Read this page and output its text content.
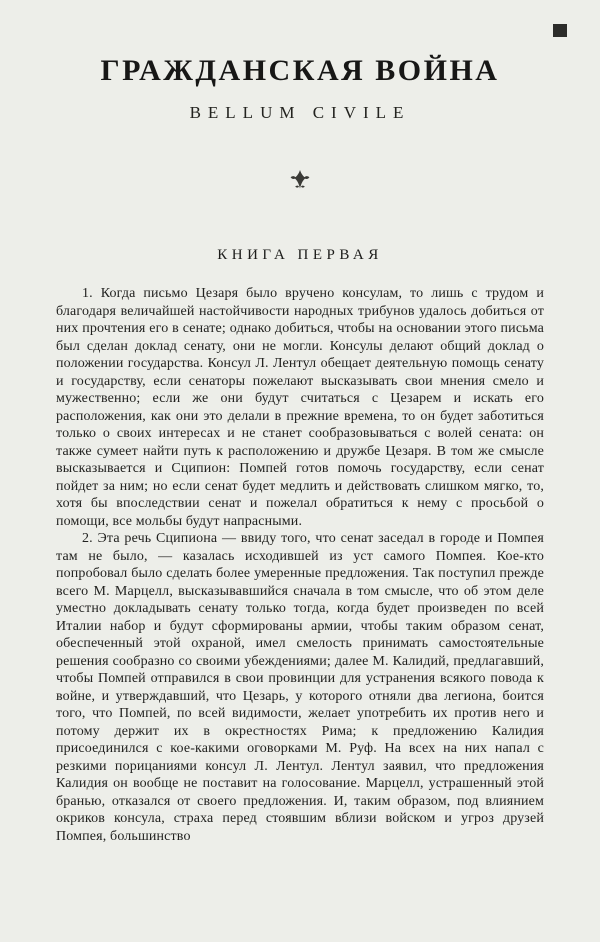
ГРАЖДАНСКАЯ ВОЙНА
BELLUM CIVILE
КНИГА ПЕРВАЯ

1. Когда письмо Цезаря было вручено консулам, то лишь с трудом и благодаря величайшей настойчивости народных трибунов удалось добиться от них прочтения его в сенате; однако добиться, чтобы на основании этого письма был сделан доклад сенату, они не могли. Консулы делают общий доклад о положении государства. Консул Л. Лентул обещает деятельную помощь сенату и государству, если сенаторы пожелают высказывать свои мнения смело и мужественно; если же они будут считаться с Цезарем и искать его расположения, как они это делали в прежние времена, то он будет заботиться только о своих интересах и не станет сообразовываться с волей сената: он также сумеет найти путь к расположению и дружбе Цезаря. В том же смысле высказывается и Сципион: Помпей готов помочь государству, если сенат пойдет за ним; но если сенат будет медлить и действовать слишком мягко, то, хотя бы впоследствии сенат и пожелал обратиться к нему с просьбой о помощи, все мольбы будут напрасными.

2. Эта речь Сципиона — ввиду того, что сенат заседал в городе и Помпея там не было, — казалась исходившей из уст самого Помпея. Кое-кто попробовал было сделать более умеренные предложения. Так поступил прежде всего М. Марцелл, высказывавшийся сначала в том смысле, что об этом деле уместно докладывать сенату только тогда, когда будет произведен по всей Италии набор и будут сформированы армии, чтобы таким образом сенат, обеспеченный этой охраной, имел смелость принимать самостоятельные решения сообразно со своими убеждениями; далее М. Калидий, предлагавший, чтобы Помпей отправился в свои провинции для устранения всякого повода к войне, и утверждавший, что Цезарь, у которого отняли два легиона, боится того, что Помпей, по всей видимости, желает употребить их против него и потому держит их в окрестностях Рима; к предложению Калидия присоединился с кое-какими оговорками М. Руф. На всех на них напал с резкими порицаниями консул Л. Лентул. Лентул заявил, что предложения Калидия он вообще не поставит на голосование. Марцелл, устрашенный этой бранью, отказался от своего предложения. И, таким образом, под влиянием окриков консула, страха перед стоявшим вблизи войском и угроз друзей Помпея, большинство
